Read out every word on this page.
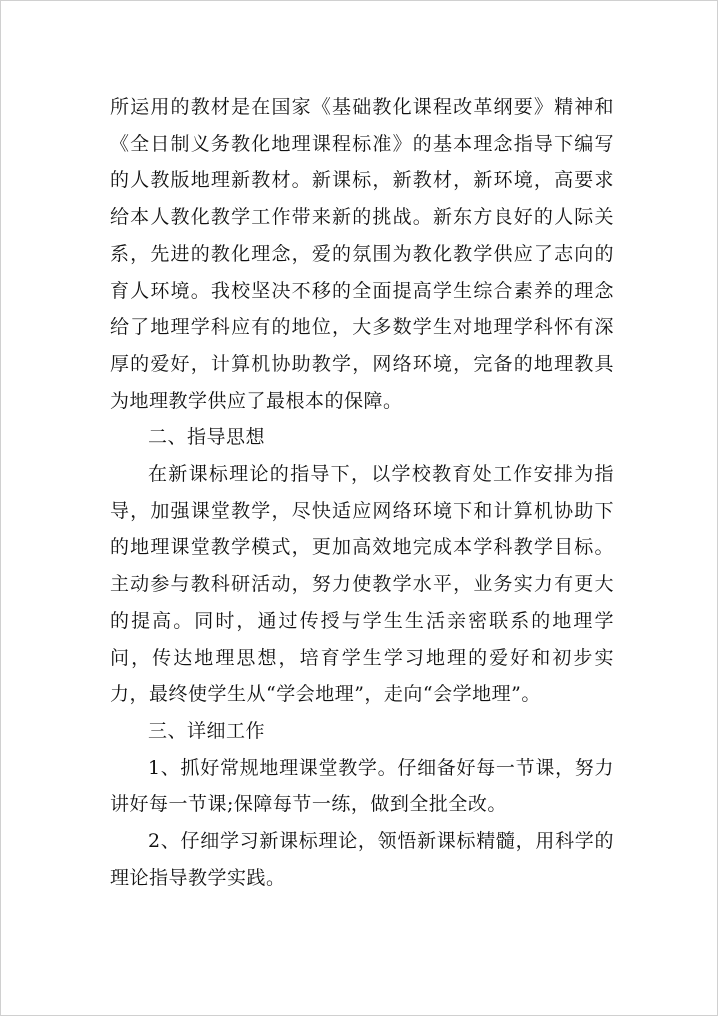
所运用的教材是在国家《基础教化课程改革纲要》精神和《全日制义务教化地理课程标准》的基本理念指导下编写的人教版地理新教材。新课标，新教材，新环境，高要求给本人教化教学工作带来新的挑战。新东方良好的人际关系，先进的教化理念，爱的氛围为教化教学供应了志向的育人环境。我校坚决不移的全面提高学生综合素养的理念给了地理学科应有的地位，大多数学生对地理学科怀有深厚的爱好，计算机协助教学，网络环境，完备的地理教具为地理教学供应了最根本的保障。

二、指导思想

在新课标理论的指导下，以学校教育处工作安排为指导，加强课堂教学，尽快适应网络环境下和计算机协助下的地理课堂教学模式，更加高效地完成本学科教学目标。主动参与教科研活动，努力使教学水平，业务实力有更大的提高。同时，通过传授与学生生活亲密联系的地理学问，传达地理思想，培育学生学习地理的爱好和初步实力，最终使学生从“学会地理”，走向“会学地理”。

三、详细工作

1、抓好常规地理课堂教学。仔细备好每一节课，努力讲好每一节课;保障每节一练，做到全批全改。

2、仔细学习新课标理论，领悟新课标精髓，用科学的理论指导教学实践。
